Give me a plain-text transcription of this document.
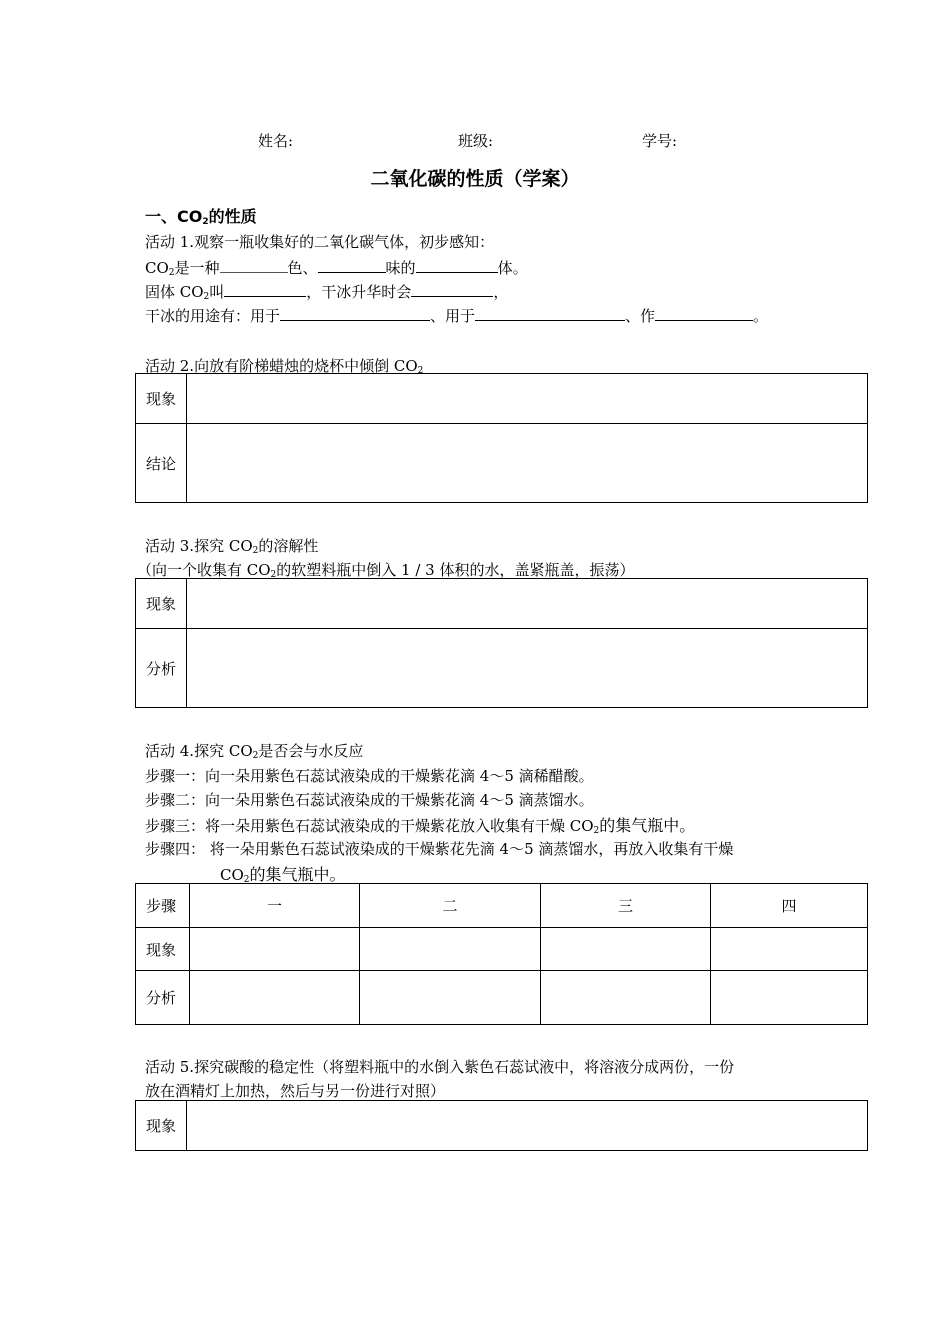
姓名:	班级:	学号:
二氧化碳的性质（学案）
一、$CO_2$的性质
活动 1.观察一瓶收集好的二氧化碳气体，初步感知：
$CO_2$是一种	色、	味的	体。
固体 $CO_2$叫	，干冰升华时会	，
干冰的用途有：用于	、用于	、作	。
活动 2.向放有阶梯蜡烛的烧杯中倾倒 $CO_2$
现象	
结论	
活动 3.探究 $CO_2$的溶解性
（向一个收集有 $CO_2$的软塑料瓶中倒入 1 / 3 体积的水，盖紧瓶盖，振荡）
现象	
分析	
活动 4.探究 $CO_2$是否会与水反应
步骤一：向一朵用紫色石蕊试液染成的干燥紫花滴 4～5 滴稀醋酸。
步骤二：向一朵用紫色石蕊试液染成的干燥紫花滴 4～5 滴蒸馏水。
步骤三：将一朵用紫色石蕊试液染成的干燥紫花放入收集有干燥 $CO_2$的集气瓶中。
步骤四： 将一朵用紫色石蕊试液染成的干燥紫花先滴 4～5 滴蒸馏水，再放入收集有干燥
$CO_2$的集气瓶中。
步骤	一	二	三	四
现象				
分析				
活动 5.探究碳酸的稳定性（将塑料瓶中的水倒入紫色石蕊试液中，将溶液分成两份，一份
放在酒精灯上加热，然后与另一份进行对照）
现象	
